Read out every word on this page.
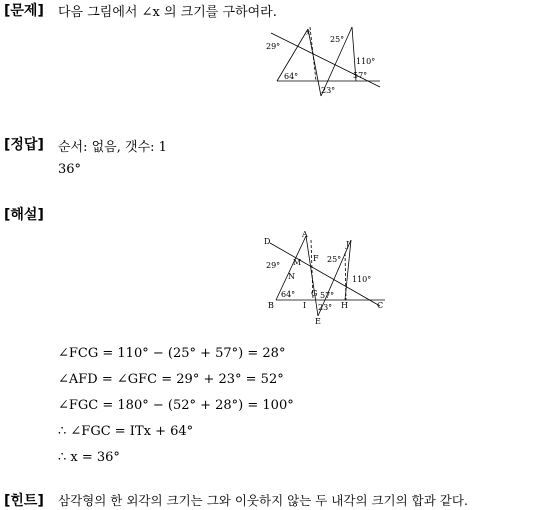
[문제] 다음 그림에서 ∠x 의 크기를 구하여라.
29°
25°
110°
64°	57°
23°
x
[정답] 순서: 없음, 갯수: 1
36°
[해설]
D
A
J
M F
N
B	I
G
H	C
E
29°
25°
110°
64°	57°
23°
∠FCG = 110° − (25° + 57°) = 28°
∠AFD = ∠GFC = 29° + 23° = 52°
∠FGC = 180° − (52° + 28°) = 100°
∴ ∠FGC = ITx + 64°
∴ x = 36°
[힌트] 삼각형의 한 외각의 크기는 그와 이웃하지 않는 두 내각의 크기의 합과 같다.
